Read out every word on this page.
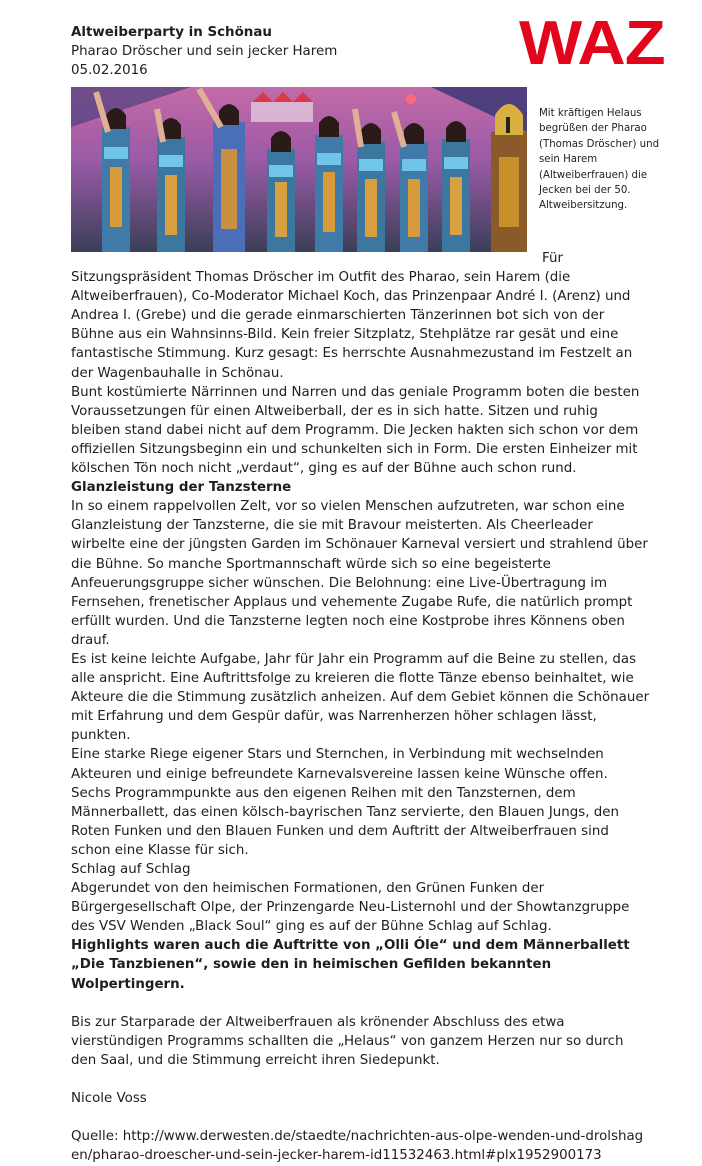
Altweiberparty in Schönau
Pharao Dröscher und sein jecker Harem
05.02.2016	WAZ
Mit kräftigen Helaus begrüßen der Pharao (Thomas Dröscher) und sein Harem (Altweiberfrauen) die Jecken bei der 50. Altweibersitzung.

Für

Sitzungspräsident Thomas Dröscher im Outfit des Pharao, sein Harem (die Altweiberfrauen), Co-Moderator Michael Koch, das Prinzenpaar André I. (Arenz) und Andrea I. (Grebe) und die gerade einmarschierten Tänzerinnen bot sich von der Bühne aus ein Wahnsinns-Bild. Kein freier Sitzplatz, Stehplätze rar gesät und eine fantastische Stimmung. Kurz gesagt: Es herrschte Ausnahmezustand im Festzelt an der Wagenbauhalle in Schönau.

Bunt kostümierte Närrinnen und Narren und das geniale Programm boten die besten Voraussetzungen für einen Altweiberball, der es in sich hatte. Sitzen und ruhig bleiben stand dabei nicht auf dem Programm. Die Jecken hakten sich schon vor dem offiziellen Sitzungsbeginn ein und schunkelten sich in Form. Die ersten Einheizer mit kölschen Tön noch nicht „verdaut“, ging es auf der Bühne auch schon rund.

Glanzleistung der Tanzsterne

In so einem rappelvollen Zelt, vor so vielen Menschen aufzutreten, war schon eine Glanzleistung der Tanzsterne, die sie mit Bravour meisterten. Als Cheerleader wirbelte eine der jüngsten Garden im Schönauer Karneval versiert und strahlend über die Bühne. So manche Sportmannschaft würde sich so eine begeisterte Anfeuerungsgruppe sicher wünschen. Die Belohnung: eine Live-Übertragung im Fernsehen, frenetischer Applaus und vehemente Zugabe Rufe, die natürlich prompt erfüllt wurden. Und die Tanzsterne legten noch eine Kostprobe ihres Könnens oben drauf.

Es ist keine leichte Aufgabe, Jahr für Jahr ein Programm auf die Beine zu stellen, das alle anspricht. Eine Auftrittsfolge zu kreieren die flotte Tänze ebenso beinhaltet, wie Akteure die die Stimmung zusätzlich anheizen. Auf dem Gebiet können die Schönauer mit Erfahrung und dem Gespür dafür, was Narrenherzen höher schlagen lässt, punkten.

Eine starke Riege eigener Stars und Sternchen, in Verbindung mit wechselnden Akteuren und einige befreundete Karnevalsvereine lassen keine Wünsche offen. Sechs Programmpunkte aus den eigenen Reihen mit den Tanzsternen, dem Männerballett, das einen kölsch-bayrischen Tanz servierte, den Blauen Jungs, den Roten Funken und den Blauen Funken und dem Auftritt der Altweiberfrauen sind schon eine Klasse für sich.

Schlag auf Schlag

Abgerundet von den heimischen Formationen, den Grünen Funken der Bürgergesellschaft Olpe, der Prinzengarde Neu-Listernohl und der Showtanzgruppe des VSV Wenden „Black Soul“ ging es auf der Bühne Schlag auf Schlag.

Highlights waren auch die Auftritte von „Olli Óle“ und dem Männerballett „Die Tanzbienen“, sowie den in heimischen Gefilden bekannten Wolpertingern.

Bis zur Starparade der Altweiberfrauen als krönender Abschluss des etwa vierstündigen Programms schallten die „Helaus“ von ganzem Herzen nur so durch den Saal, und die Stimmung erreicht ihren Siedepunkt.

Nicole Voss

Quelle: http://www.derwesten.de/staedte/nachrichten-aus-olpe-wenden-und-drolshagen/pharao-droescher-und-sein-jecker-harem-id11532463.html#plx1952900173
